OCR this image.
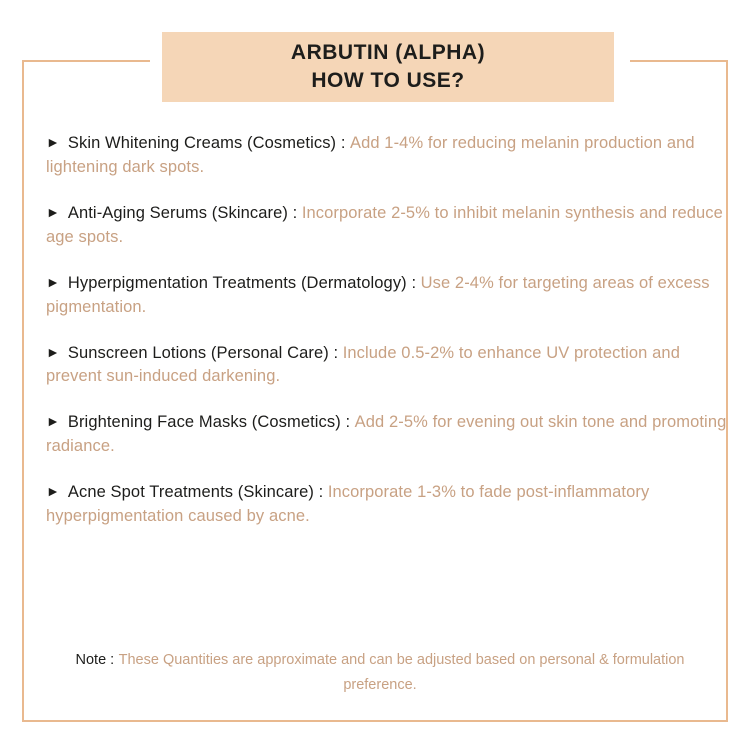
ARBUTIN (ALPHA)
HOW TO USE?
► Skin Whitening Creams (Cosmetics) : Add 1-4% for reducing melanin production and lightening dark spots.
► Anti-Aging Serums (Skincare) : Incorporate 2-5% to inhibit melanin synthesis and reduce age spots.
► Hyperpigmentation Treatments (Dermatology) : Use 2-4% for targeting areas of excess pigmentation.
► Sunscreen Lotions (Personal Care) : Include 0.5-2% to enhance UV protection and prevent sun-induced darkening.
► Brightening Face Masks (Cosmetics) : Add 2-5% for evening out skin tone and promoting radiance.
► Acne Spot Treatments (Skincare) : Incorporate 1-3% to fade post-inflammatory hyperpigmentation caused by acne.
Note : These Quantities are approximate and can be adjusted based on personal & formulation preference.
